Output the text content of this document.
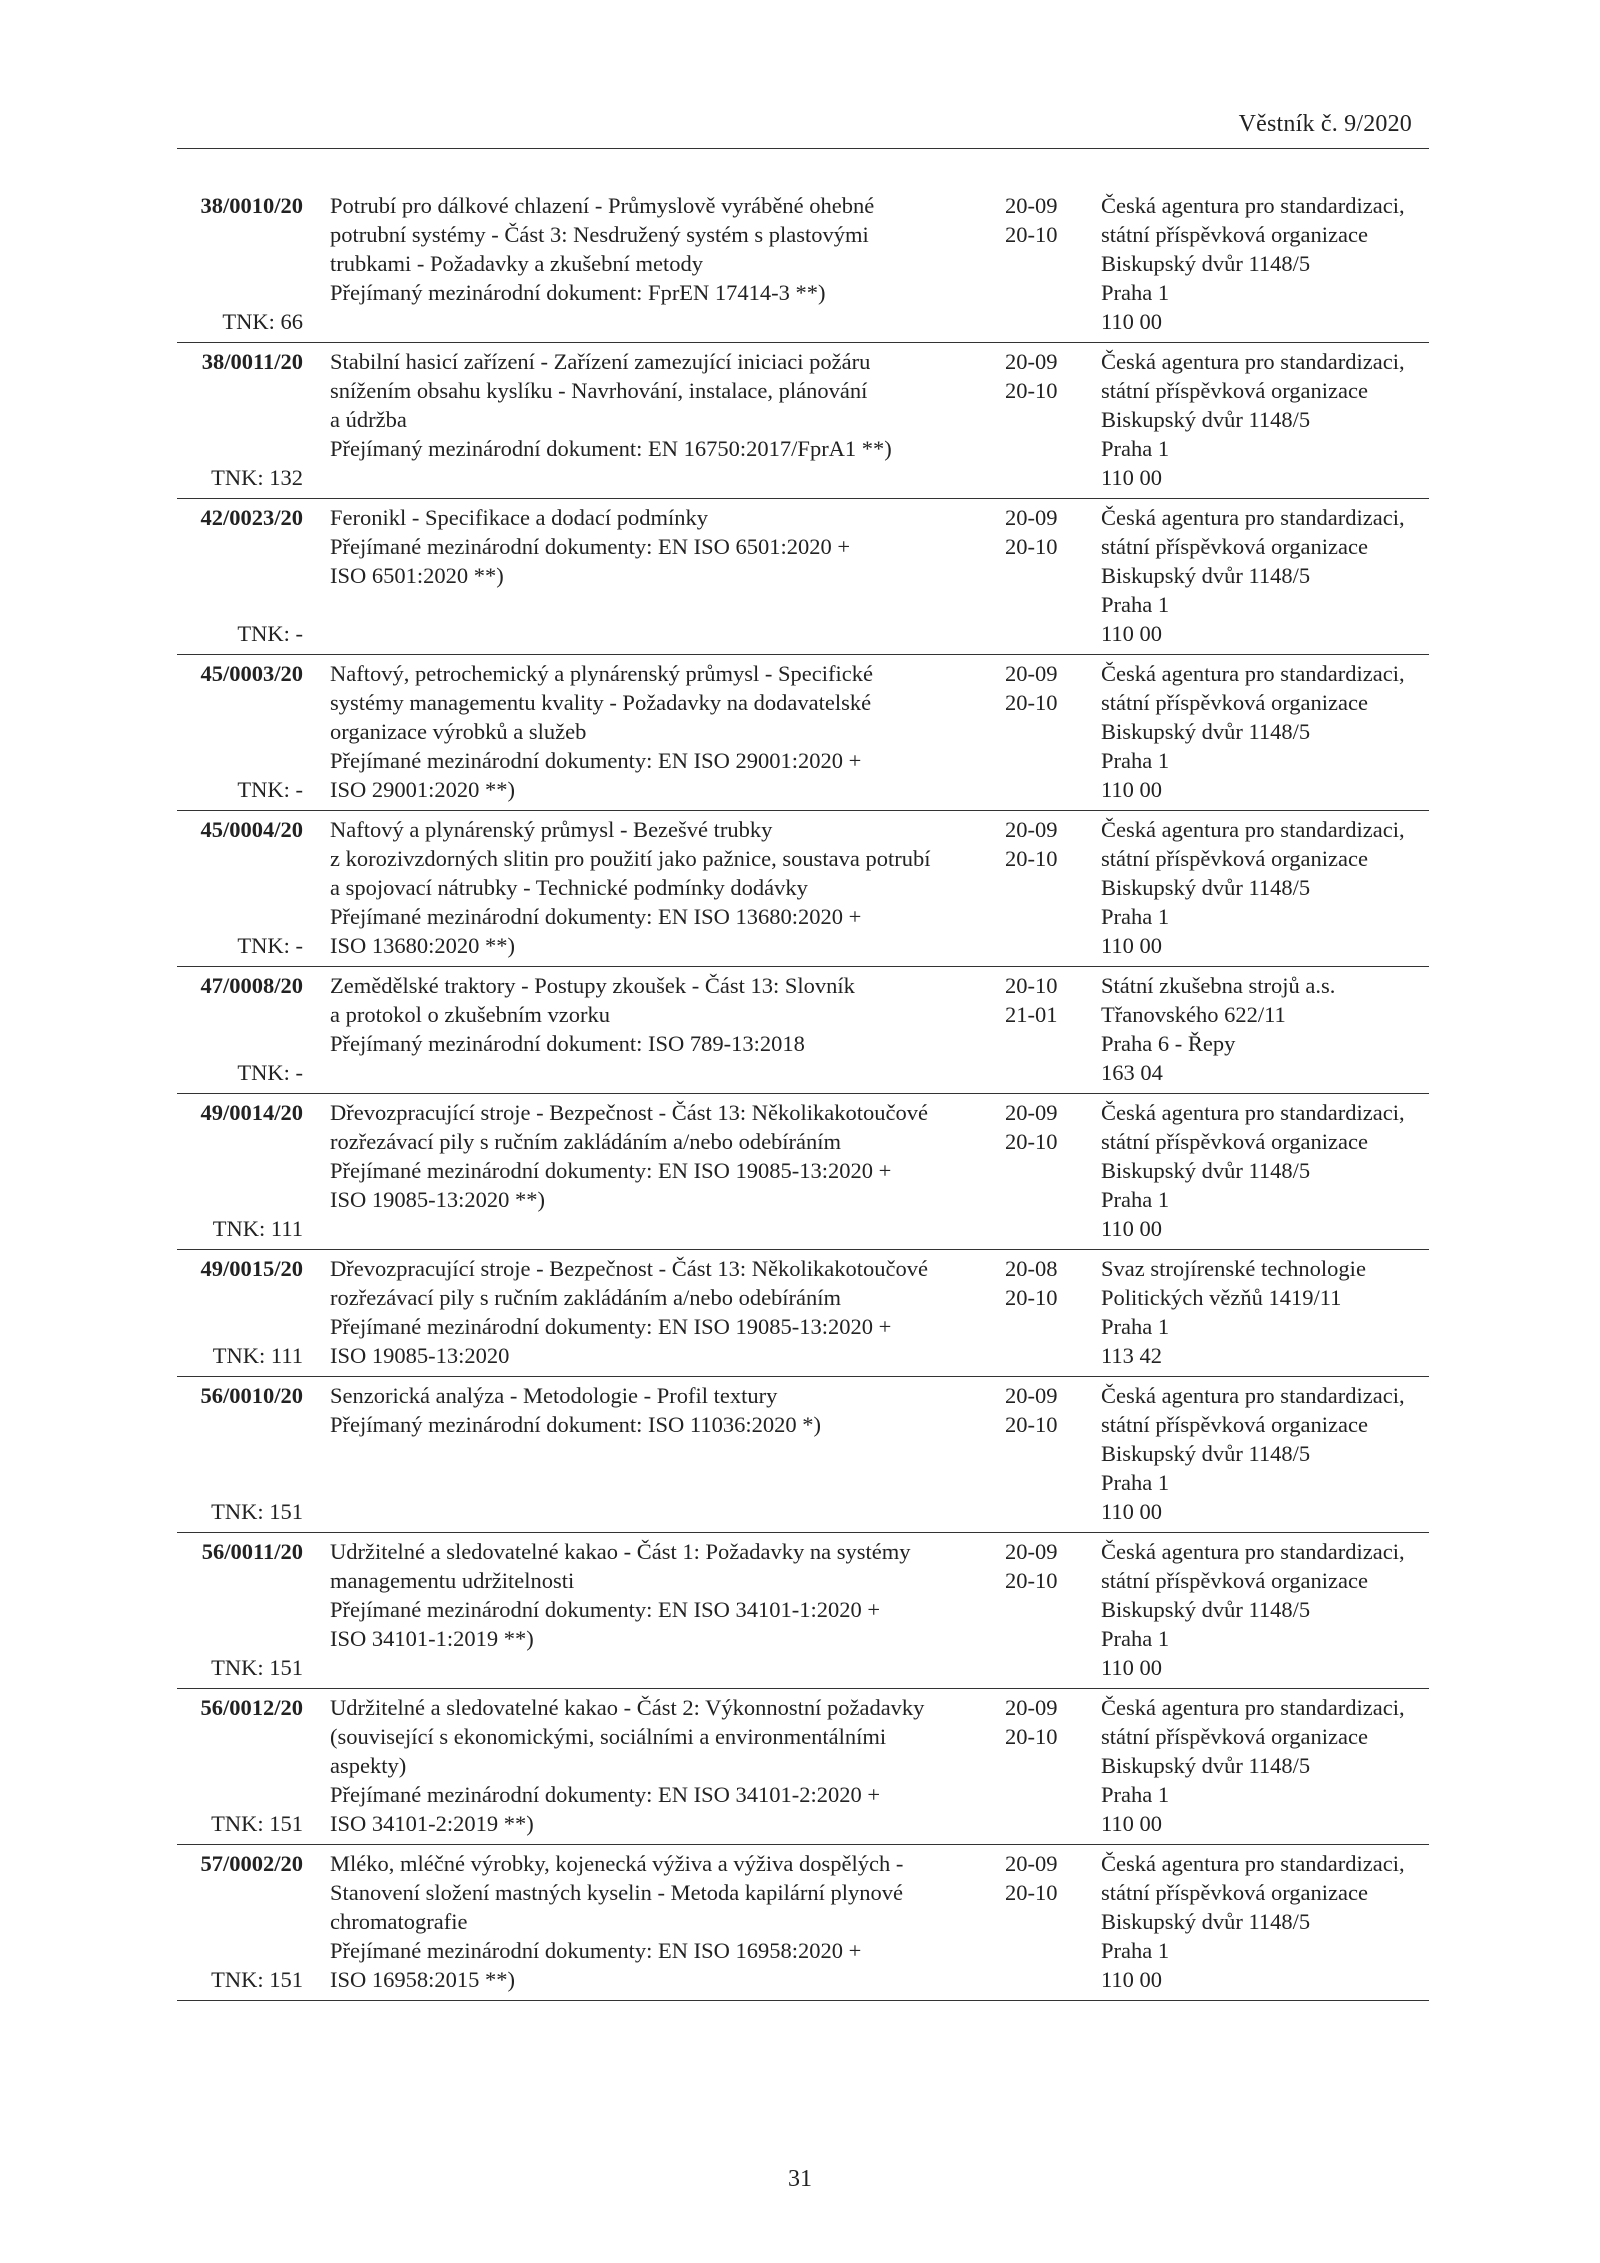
Věstník č. 9/2020
38/0010/20
TNK: 66
Potrubí pro dálkové chlazení - Průmyslově vyráběné ohebné
potrubní systémy - Část 3: Nesdružený systém s plastovými
trubkami - Požadavky a zkušební metody
Přejímaný mezinárodní dokument: FprEN 17414-3 **)
20-09
20-10
Česká agentura pro standardizaci,
státní příspěvková organizace
Biskupský dvůr 1148/5
Praha 1
110 00
38/0011/20
TNK: 132
Stabilní hasicí zařízení - Zařízení zamezující iniciaci požáru
snížením obsahu kyslíku - Navrhování, instalace, plánování
a údržba
Přejímaný mezinárodní dokument: EN 16750:2017/FprA1 **)
20-09
20-10
Česká agentura pro standardizaci,
státní příspěvková organizace
Biskupský dvůr 1148/5
Praha 1
110 00
42/0023/20
TNK: -
Feronikl - Specifikace a dodací podmínky
Přejímané mezinárodní dokumenty: EN ISO 6501:2020 +
ISO 6501:2020 **)
20-09
20-10
Česká agentura pro standardizaci,
státní příspěvková organizace
Biskupský dvůr 1148/5
Praha 1
110 00
45/0003/20
TNK: -
Naftový, petrochemický a plynárenský průmysl - Specifické
systémy managementu kvality - Požadavky na dodavatelské
organizace výrobků a služeb
Přejímané mezinárodní dokumenty: EN ISO 29001:2020 +
ISO 29001:2020 **)
20-09
20-10
Česká agentura pro standardizaci,
státní příspěvková organizace
Biskupský dvůr 1148/5
Praha 1
110 00
45/0004/20
TNK: -
Naftový a plynárenský průmysl - Bezešvé trubky
z korozivzdorných slitin pro použití jako pažnice, soustava potrubí
a spojovací nátrubky - Technické podmínky dodávky
Přejímané mezinárodní dokumenty: EN ISO 13680:2020 +
ISO 13680:2020 **)
20-09
20-10
Česká agentura pro standardizaci,
státní příspěvková organizace
Biskupský dvůr 1148/5
Praha 1
110 00
47/0008/20
TNK: -
Zemědělské traktory - Postupy zkoušek - Část 13: Slovník
a protokol o zkušebním vzorku
Přejímaný mezinárodní dokument: ISO 789-13:2018
20-10
21-01
Státní zkušebna strojů a.s.
Třanovského 622/11
Praha 6 - Řepy
163 04
49/0014/20
TNK: 111
Dřevozpracující stroje - Bezpečnost - Část 13: Několikakotoučové
rozřezávací pily s ručním zakládáním a/nebo odebíráním
Přejímané mezinárodní dokumenty: EN ISO 19085-13:2020 +
ISO 19085-13:2020 **)
20-09
20-10
Česká agentura pro standardizaci,
státní příspěvková organizace
Biskupský dvůr 1148/5
Praha 1
110 00
49/0015/20
TNK: 111
Dřevozpracující stroje - Bezpečnost - Část 13: Několikakotoučové
rozřezávací pily s ručním zakládáním a/nebo odebíráním
Přejímané mezinárodní dokumenty: EN ISO 19085-13:2020 +
ISO 19085-13:2020
20-08
20-10
Svaz strojírenské technologie
Politických vězňů 1419/11
Praha 1
113 42
56/0010/20
TNK: 151
Senzorická analýza - Metodologie - Profil textury
Přejímaný mezinárodní dokument: ISO 11036:2020 *)
20-09
20-10
Česká agentura pro standardizaci,
státní příspěvková organizace
Biskupský dvůr 1148/5
Praha 1
110 00
56/0011/20
TNK: 151
Udržitelné a sledovatelné kakao - Část 1: Požadavky na systémy
managementu udržitelnosti
Přejímané mezinárodní dokumenty: EN ISO 34101-1:2020 +
ISO 34101-1:2019 **)
20-09
20-10
Česká agentura pro standardizaci,
státní příspěvková organizace
Biskupský dvůr 1148/5
Praha 1
110 00
56/0012/20
TNK: 151
Udržitelné a sledovatelné kakao - Část 2: Výkonnostní požadavky
(související s ekonomickými, sociálními a environmentálními
aspekty)
Přejímané mezinárodní dokumenty: EN ISO 34101-2:2020 +
ISO 34101-2:2019 **)
20-09
20-10
Česká agentura pro standardizaci,
státní příspěvková organizace
Biskupský dvůr 1148/5
Praha 1
110 00
57/0002/20
TNK: 151
Mléko, mléčné výrobky, kojenecká výživa a výživa dospělých -
Stanovení složení mastných kyselin - Metoda kapilární plynové
chromatografie
Přejímané mezinárodní dokumenty: EN ISO 16958:2020 +
ISO 16958:2015 **)
20-09
20-10
Česká agentura pro standardizaci,
státní příspěvková organizace
Biskupský dvůr 1148/5
Praha 1
110 00
31
